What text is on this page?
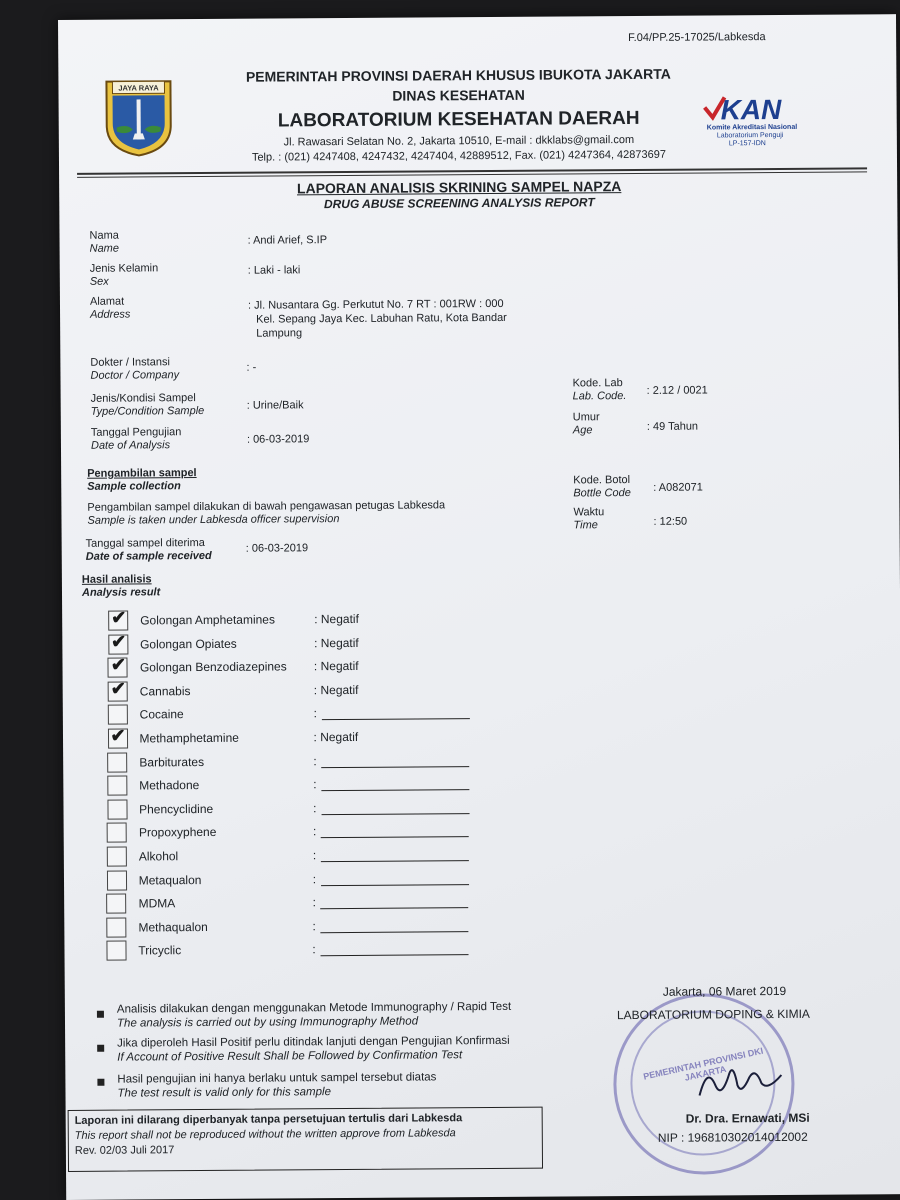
F.04/PP.25-17025/Labkesda
JAYA RAYA
PEMERINTAH PROVINSI DAERAH KHUSUS IBUKOTA JAKARTA
DINAS KESEHATAN
LABORATORIUM KESEHATAN DAERAH
Jl. Rawasari Selatan No. 2, Jakarta 10510, E-mail : dkklabs@gmail.com
Telp. : (021) 4247408, 4247432, 4247404, 42889512, Fax. (021) 4247364, 42873697
KAN
Komite Akreditasi Nasional
Laboratorium Penguji
LP-157-IDN
LAPORAN ANALISIS SKRINING SAMPEL NAPZA
DRUG ABUSE SCREENING ANALYSIS REPORT
Nama
Name
: Andi Arief, S.IP
Jenis Kelamin
Sex
: Laki - laki
Alamat
Address
: Jl. Nusantara Gg. Perkutut No. 7 RT : 001RW : 000
Kel. Sepang Jaya Kec. Labuhan Ratu, Kota Bandar
Lampung
Dokter / Instansi
Doctor / Company
: -
Jenis/Kondisi Sampel
Type/Condition Sample	: Urine/Baik
Tanggal Pengujian
Date of Analysis	: 06-03-2019
Kode. Lab
Lab. Code. : 2.12 / 0021
Umur
Age	: 49 Tahun
Pengambilan sampel
Sample collection
Pengambilan sampel dilakukan di bawah pengawasan petugas Labkesda
Sample is taken under Labkesda officer supervision
Kode. Botol
Bottle Code : A082071
Waktu
Time	: 12:50
Tanggal sampel diterima
Date of sample received
: 06-03-2019
Hasil analisis
Analysis result
✔ Golongan Amphetamines	: Negatif
✔ Golongan Opiates	: Negatif
✔ Golongan Benzodiazepines : Negatif
✔ Cannabis	: Negatif
Cocaine	:
✔ Methamphetamine	: Negatif
Barbiturates	:
Methadone	:
Phencyclidine	:
Propoxyphene	:
Alkohol	:
Metaqualon	:
MDMA	:
Methaqualon	:
Tricyclic	:
Analisis dilakukan dengan menggunakan Metode Immunography / Rapid Test
The analysis is carried out by using Immunography Method
Jika diperoleh Hasil Positif perlu ditindak lanjuti dengan Pengujian Konfirmasi
If Account of Positive Result Shall be Followed by Confirmation Test
Hasil pengujian ini hanya berlaku untuk sampel tersebut diatas
The test result is valid only for this sample
Laporan ini dilarang diperbanyak tanpa persetujuan tertulis dari Labkesda
This report shall not be reproduced without the written approve from Labkesda
Rev. 02/03 Juli 2017
PEMERINTAH PROVINSI DKI JAKARTA
Jakarta, 06 Maret 2019
LABORATORIUM DOPING & KIMIA
Dr. Dra. Ernawati, MSi
NIP : 196810302014012002
